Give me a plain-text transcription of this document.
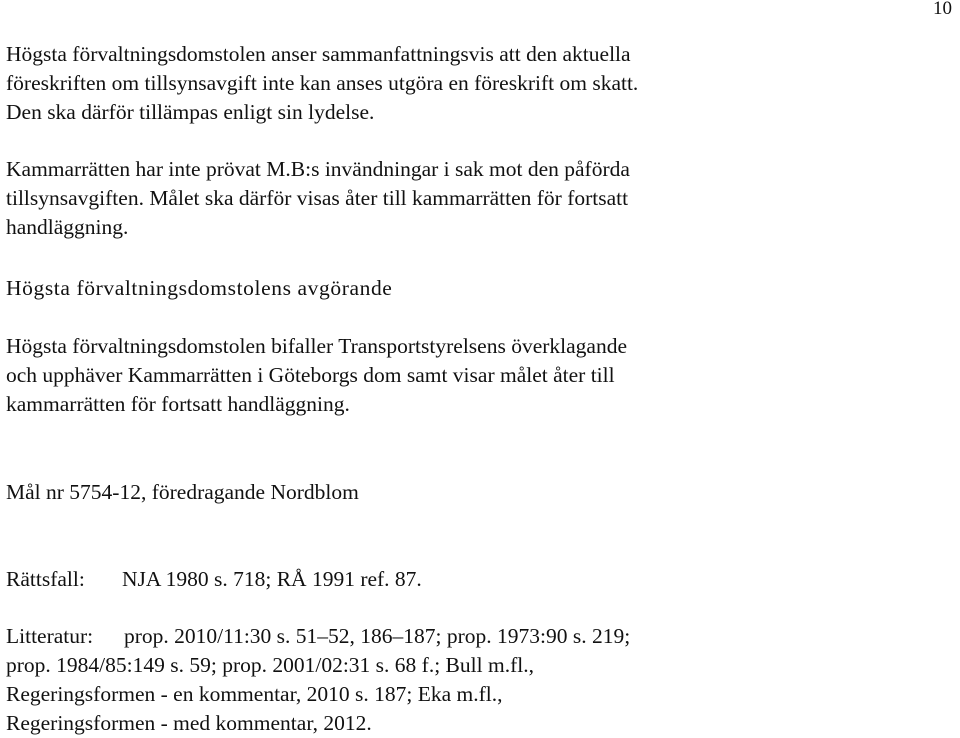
10

Högsta förvaltningsdomstolen anser sammanfattningsvis att den aktuella
föreskriften om tillsynsavgift inte kan anses utgöra en föreskrift om skatt.
Den ska därför tillämpas enligt sin lydelse.

Kammarrätten har inte prövat M.B:s invändningar i sak mot den påförda
tillsynsavgiften. Målet ska därför visas åter till kammarrätten för fortsatt
handläggning.

Högsta förvaltningsdomstolens avgörande

Högsta förvaltningsdomstolen bifaller Transportstyrelsens överklagande
och upphäver Kammarrätten i Göteborgs dom samt visar målet åter till
kammarrätten för fortsatt handläggning.

Mål nr 5754-12, föredragande Nordblom

Rättsfall: NJA 1980 s. 718; RÅ 1991 ref. 87.

Litteratur: prop. 2010/11:30 s. 51–52, 186–187; prop. 1973:90 s. 219;
prop. 1984/85:149 s. 59; prop. 2001/02:31 s. 68 f.; Bull m.fl.,
Regeringsformen - en kommentar, 2010 s. 187; Eka m.fl.,
Regeringsformen - med kommentar, 2012.
